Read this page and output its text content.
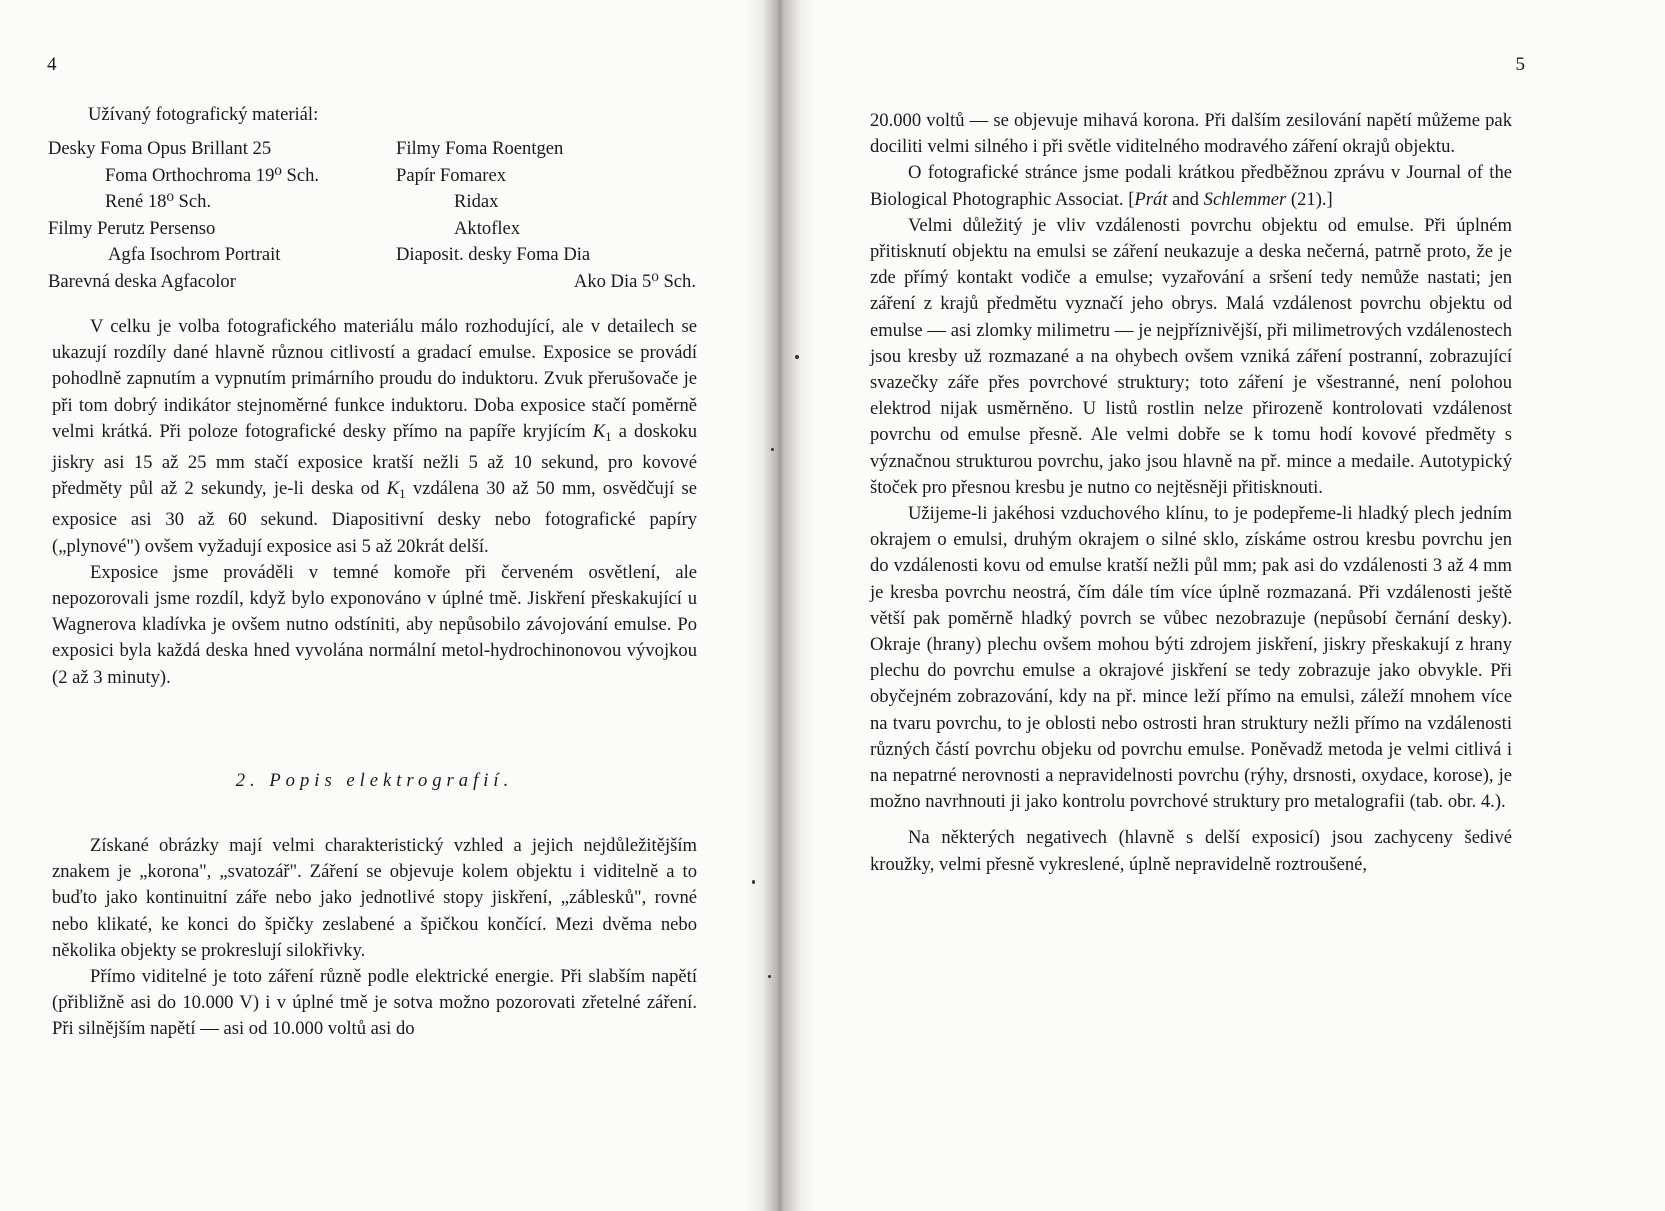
4
Užívaný fotografický materiál:
Desky Foma Opus Brillant 25
Foma Orthochroma 19⁰ Sch.
René 18⁰ Sch.
Filmy Perutz Persenso
Agfa Isochrom Portrait
Barevná deska Agfacolor
Filmy Foma Roentgen
Papír Fomarex
Ridax
Aktoflex
Diaposit. desky Foma Dia
Ako Dia 5⁰ Sch.

V celku je volba fotografického materiálu málo rozhodující, ale v detailech se ukazují rozdíly dané hlavně různou citlivostí a gradací emulse. Exposice se provádí pohodlně zapnutím a vypnutím primárního proudu do induktoru. Zvuk přerušovače je při tom dobrý indikátor stejnoměrné funkce induktoru. Doba exposice stačí poměrně velmi krátká. Při poloze fotografické desky přímo na papíře kryjícím $K_1$ a doskoku jiskry asi 15 až 25 mm stačí exposice kratší nežli 5 až 10 sekund, pro kovové předměty půl až 2 sekundy, je-li deska od $K_1$ vzdálena 30 až 50 mm, osvědčují se exposice asi 30 až 60 sekund. Diapositivní desky nebo fotografické papíry („plynové") ovšem vyžadují exposice asi 5 až 20krát delší.

Exposice jsme prováděli v temné komoře při červeném osvětlení, ale nepozorovali jsme rozdíl, když bylo exponováno v úplné tmě. Jiskření přeskakující u Wagnerova kladívka je ovšem nutno odstíniti, aby nepůsobilo závojování emulse. Po exposici byla každá deska hned vyvolána normální metol-hydrochinonovou vývojkou (2 až 3 minuty).

2. Popis elektrografií.

Získané obrázky mají velmi charakteristický vzhled a jejich nejdůležitějším znakem je „korona", „svatozář". Záření se objevuje kolem objektu i viditelně a to buďto jako kontinuitní záře nebo jako jednotlivé stopy jiskření, „záblesků", rovné nebo klikaté, ke konci do špičky zeslabené a špičkou končící. Mezi dvěma nebo několika objekty se prokreslují silokřivky.

Přímo viditelné je toto záření různě podle elektrické energie. Při slabším napětí (přibližně asi do 10.000 V) i v úplné tmě je sotva možno pozorovati zřetelné záření. Při silnějším napětí — asi od 10.000 voltů asi do

5

20.000 voltů — se objevuje mihavá korona. Při dalším zesilování napětí můžeme pak dociliti velmi silného i při světle viditelného modravého záření okrajů objektu.

O fotografické stránce jsme podali krátkou předběžnou zprávu v Journal of the Biological Photographic Associat. [Prát and Schlemmer (21).]

Velmi důležitý je vliv vzdálenosti povrchu objektu od emulse. Při úplném přitisknutí objektu na emulsi se záření neukazuje a deska nečerná, patrně proto, že je zde přímý kontakt vodiče a emulse; vyzařování a sršení tedy nemůže nastati; jen záření z krajů předmětu vyznačí jeho obrys. Malá vzdálenost povrchu objektu od emulse — asi zlomky milimetru — je nejpříznivější, při milimetrových vzdálenostech jsou kresby už rozmazané a na ohybech ovšem vzniká záření postranní, zobrazující svazečky záře přes povrchové struktury; toto záření je všestranné, není polohou elektrod nijak usměrněno. U listů rostlin nelze přirozeně kontrolovati vzdálenost povrchu od emulse přesně. Ale velmi dobře se k tomu hodí kovové předměty s význačnou strukturou povrchu, jako jsou hlavně na př. mince a medaile. Autotypický štoček pro přesnou kresbu je nutno co nejtěsněji přitisknouti.

Užijeme-li jakéhosi vzduchového klínu, to je podepřeme-li hladký plech jedním okrajem o emulsi, druhým okrajem o silné sklo, získáme ostrou kresbu povrchu jen do vzdálenosti kovu od emulse kratší nežli půl mm; pak asi do vzdálenosti 3 až 4 mm je kresba povrchu neostrá, čím dále tím více úplně rozmazaná. Při vzdálenosti ještě větší pak poměrně hladký povrch se vůbec nezobrazuje (nepůsobí černání desky). Okraje (hrany) plechu ovšem mohou býti zdrojem jiskření, jiskry přeskakují z hrany plechu do povrchu emulse a okrajové jiskření se tedy zobrazuje jako obvykle. Při obyčejném zobrazování, kdy na př. mince leží přímo na emulsi, záleží mnohem více na tvaru povrchu, to je oblosti nebo ostrosti hran struktury nežli přímo na vzdálenosti různých částí povrchu objeku od povrchu emulse. Poněvadž metoda je velmi citlivá i na nepatrné nerovnosti a nepravidelnosti povrchu (rýhy, drsnosti, oxydace, korose), je možno navrhnouti ji jako kontrolu povrchové struktury pro metalografii (tab. obr. 4.).

Na některých negativech (hlavně s delší exposicí) jsou zachyceny šedivé kroužky, velmi přesně vykreslené, úplně nepravidelně roztroušené,
